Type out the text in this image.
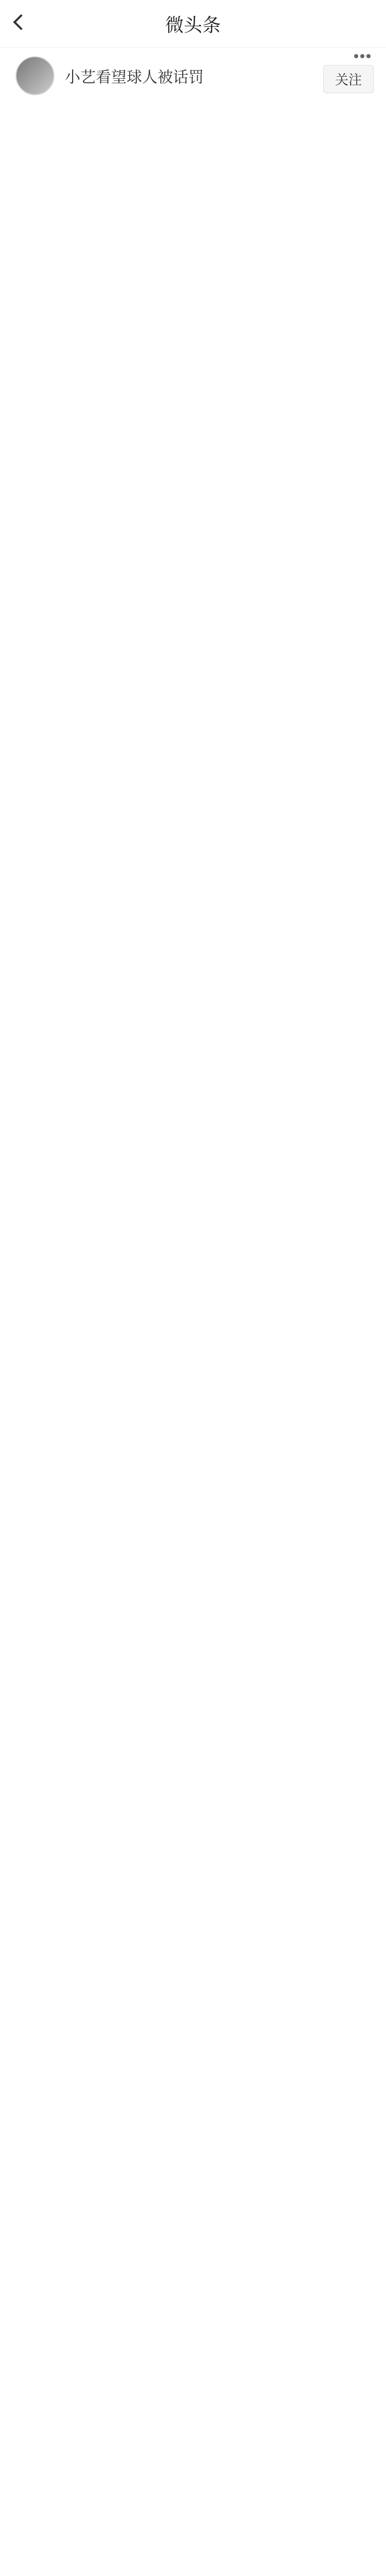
微头条
小艺看望球人被话罚	关注
